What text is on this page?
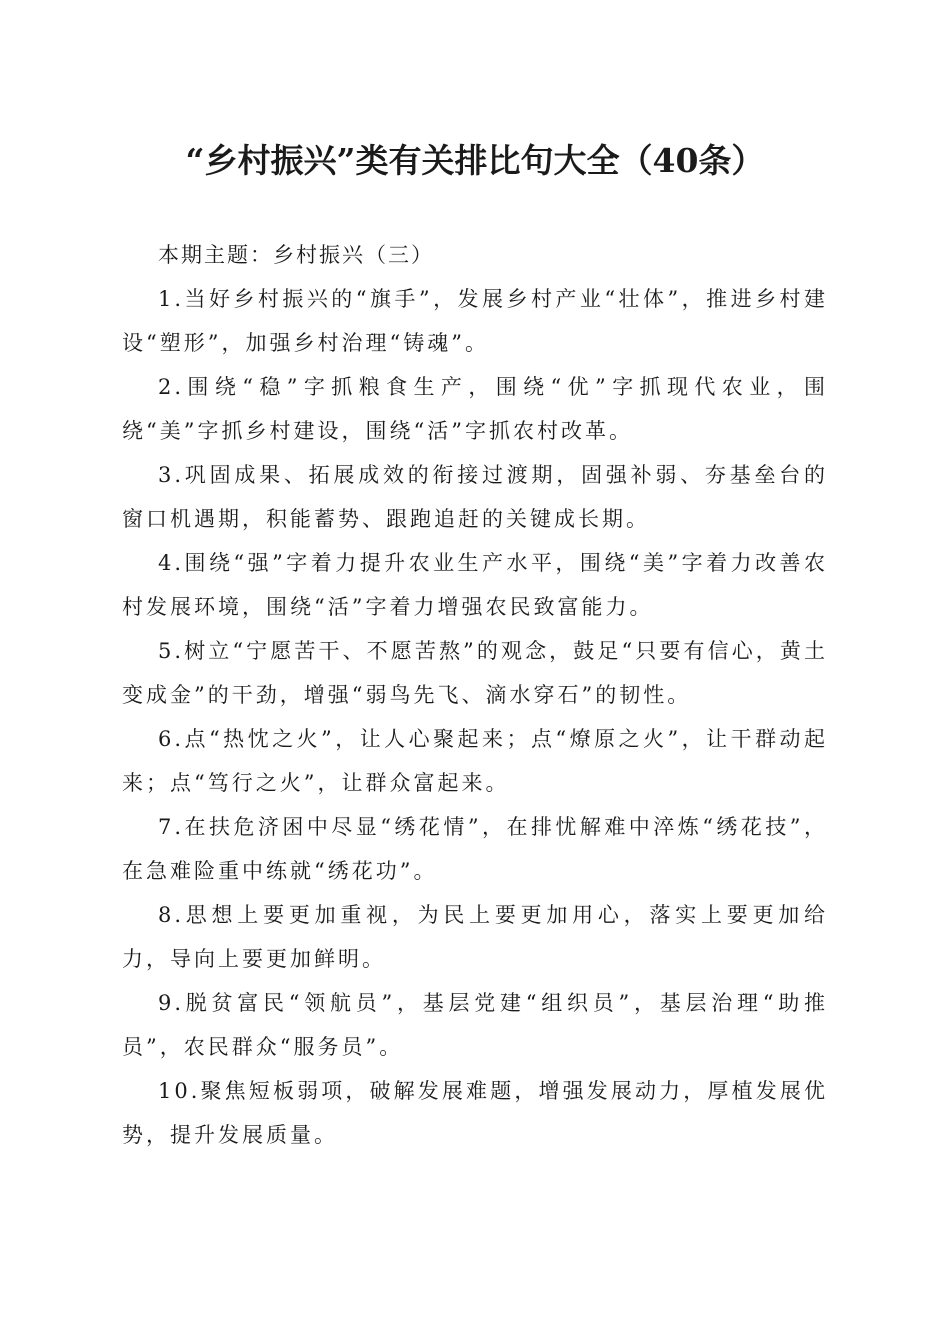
“乡村振兴”类有关排比句大全（40条）

本期主题：乡村振兴（三）

1.当好乡村振兴的“旗手”，发展乡村产业“壮体”，推进乡村建设“塑形”，加强乡村治理“铸魂”。

2.围绕“稳”字抓粮食生产，围绕“优”字抓现代农业，围绕“美”字抓乡村建设，围绕“活”字抓农村改革。

3.巩固成果、拓展成效的衔接过渡期，固强补弱、夯基垒台的窗口机遇期，积能蓄势、跟跑追赶的关键成长期。

4.围绕“强”字着力提升农业生产水平，围绕“美”字着力改善农村发展环境，围绕“活”字着力增强农民致富能力。

5.树立“宁愿苦干、不愿苦熬”的观念，鼓足“只要有信心，黄土变成金”的干劲，增强“弱鸟先飞、滴水穿石”的韧性。

6.点“热忱之火”，让人心聚起来；点“燎原之火”，让干群动起来；点“笃行之火”，让群众富起来。

7.在扶危济困中尽显“绣花情”，在排忧解难中淬炼“绣花技”，在急难险重中练就“绣花功”。

8.思想上要更加重视，为民上要更加用心，落实上要更加给力，导向上要更加鲜明。

9.脱贫富民“领航员”，基层党建“组织员”，基层治理“助推员”，农民群众“服务员”。

10.聚焦短板弱项，破解发展难题，增强发展动力，厚植发展优势，提升发展质量。
